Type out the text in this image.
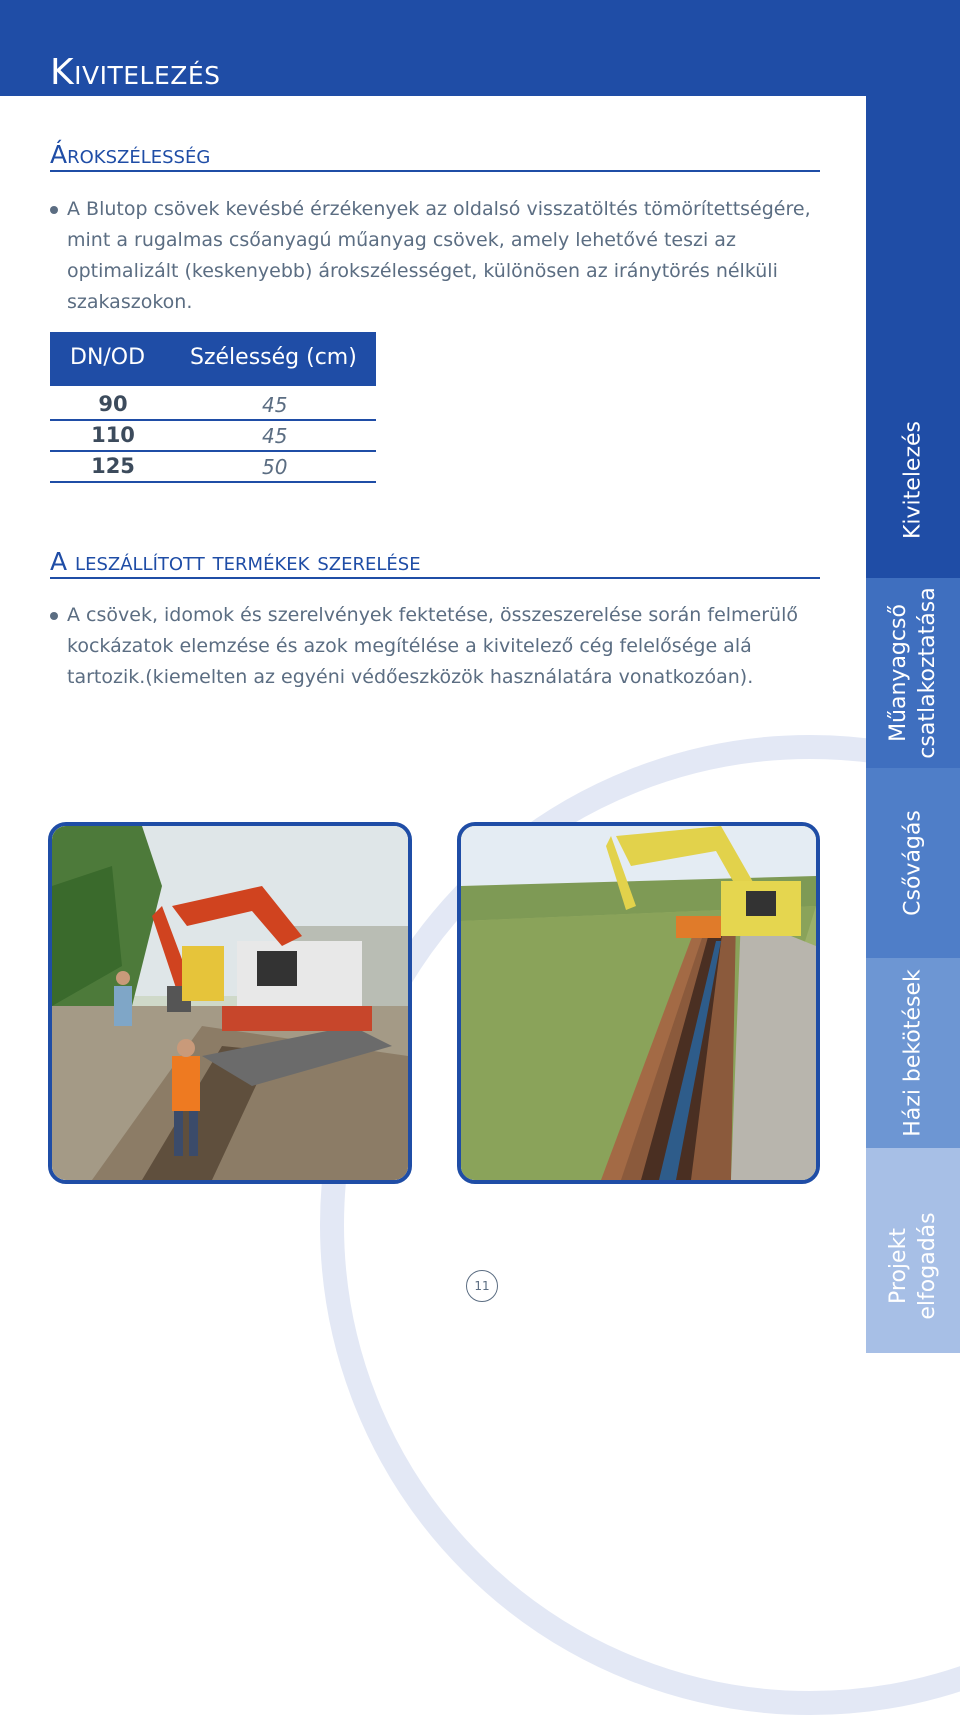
Kivitelezés
Árokszélesség
A Blutop csövek kevésbé érzékenyek az oldalsó visszatöltés tömörítettségére, mint a rugalmas csőanyagú műanyag csövek, amely lehetővé teszi az optimalizált (keskenyebb) árokszélességet, különösen az iránytörés nélküli szakaszokon.
DN/OD Szélesség (cm)
90	45
110	45
125	50
A leszállított termékek szerelése
A csövek, idomok és szerelvények fektetése, összeszerelése során felmerülő kockázatok elemzése és azok megítélése a kivitelező cég felelősége alá tartozik.(kiemelten az egyéni védőeszközök használatára vonatkozóan).
11
Kivitelezés
Műanyagcső
csatlakoztatása
Csővágás
Házi bekötések
Projekt
elfogadás
